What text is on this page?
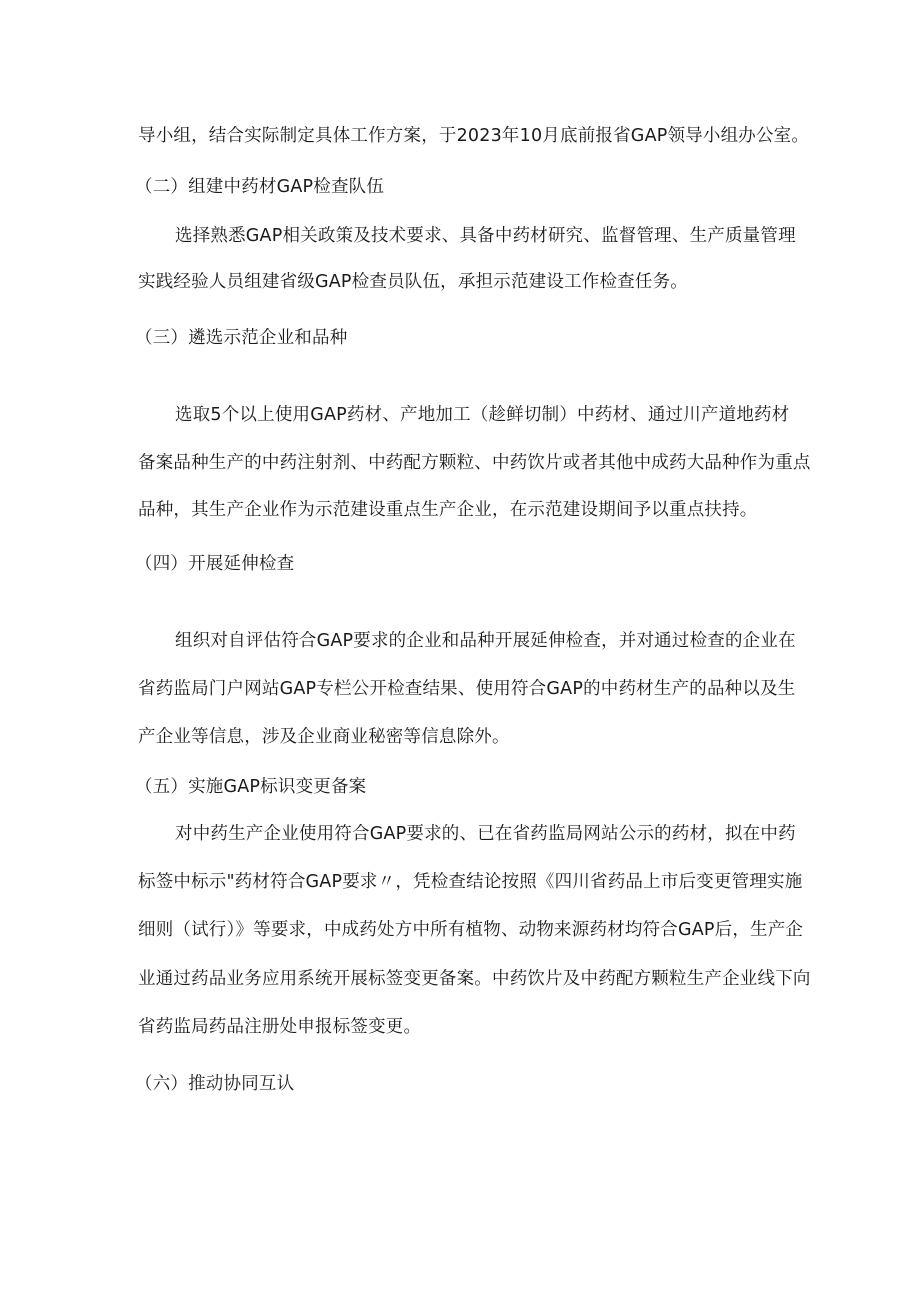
导小组，结合实际制定具体工作方案，于2023年10月底前报省GAP领导小组办公室。
（二）组建中药材GAP检查队伍
选择熟悉GAP相关政策及技术要求、具备中药材研究、监督管理、生产质量管理
实践经验人员组建省级GAP检查员队伍，承担示范建设工作检查任务。
（三）遴选示范企业和品种
选取5个以上使用GAP药材、产地加工（趁鲜切制）中药材、通过川产道地药材
备案品种生产的中药注射剂、中药配方颗粒、中药饮片或者其他中成药大品种作为重点
品种，其生产企业作为示范建设重点生产企业，在示范建设期间予以重点扶持。
（四）开展延伸检查
组织对自评估符合GAP要求的企业和品种开展延伸检查，并对通过检查的企业在
省药监局门户网站GAP专栏公开检查结果、使用符合GAP的中药材生产的品种以及生
产企业等信息，涉及企业商业秘密等信息除外。
（五）实施GAP标识变更备案
对中药生产企业使用符合GAP要求的、已在省药监局网站公示的药材，拟在中药
标签中标示"药材符合GAP要求〃，凭检查结论按照《四川省药品上市后变更管理实施
细则（试行）》等要求，中成药处方中所有植物、动物来源药材均符合GAP后，生产企
业通过药品业务应用系统开展标签变更备案。中药饮片及中药配方颗粒生产企业线下向
省药监局药品注册处申报标签变更。
（六）推动协同互认
